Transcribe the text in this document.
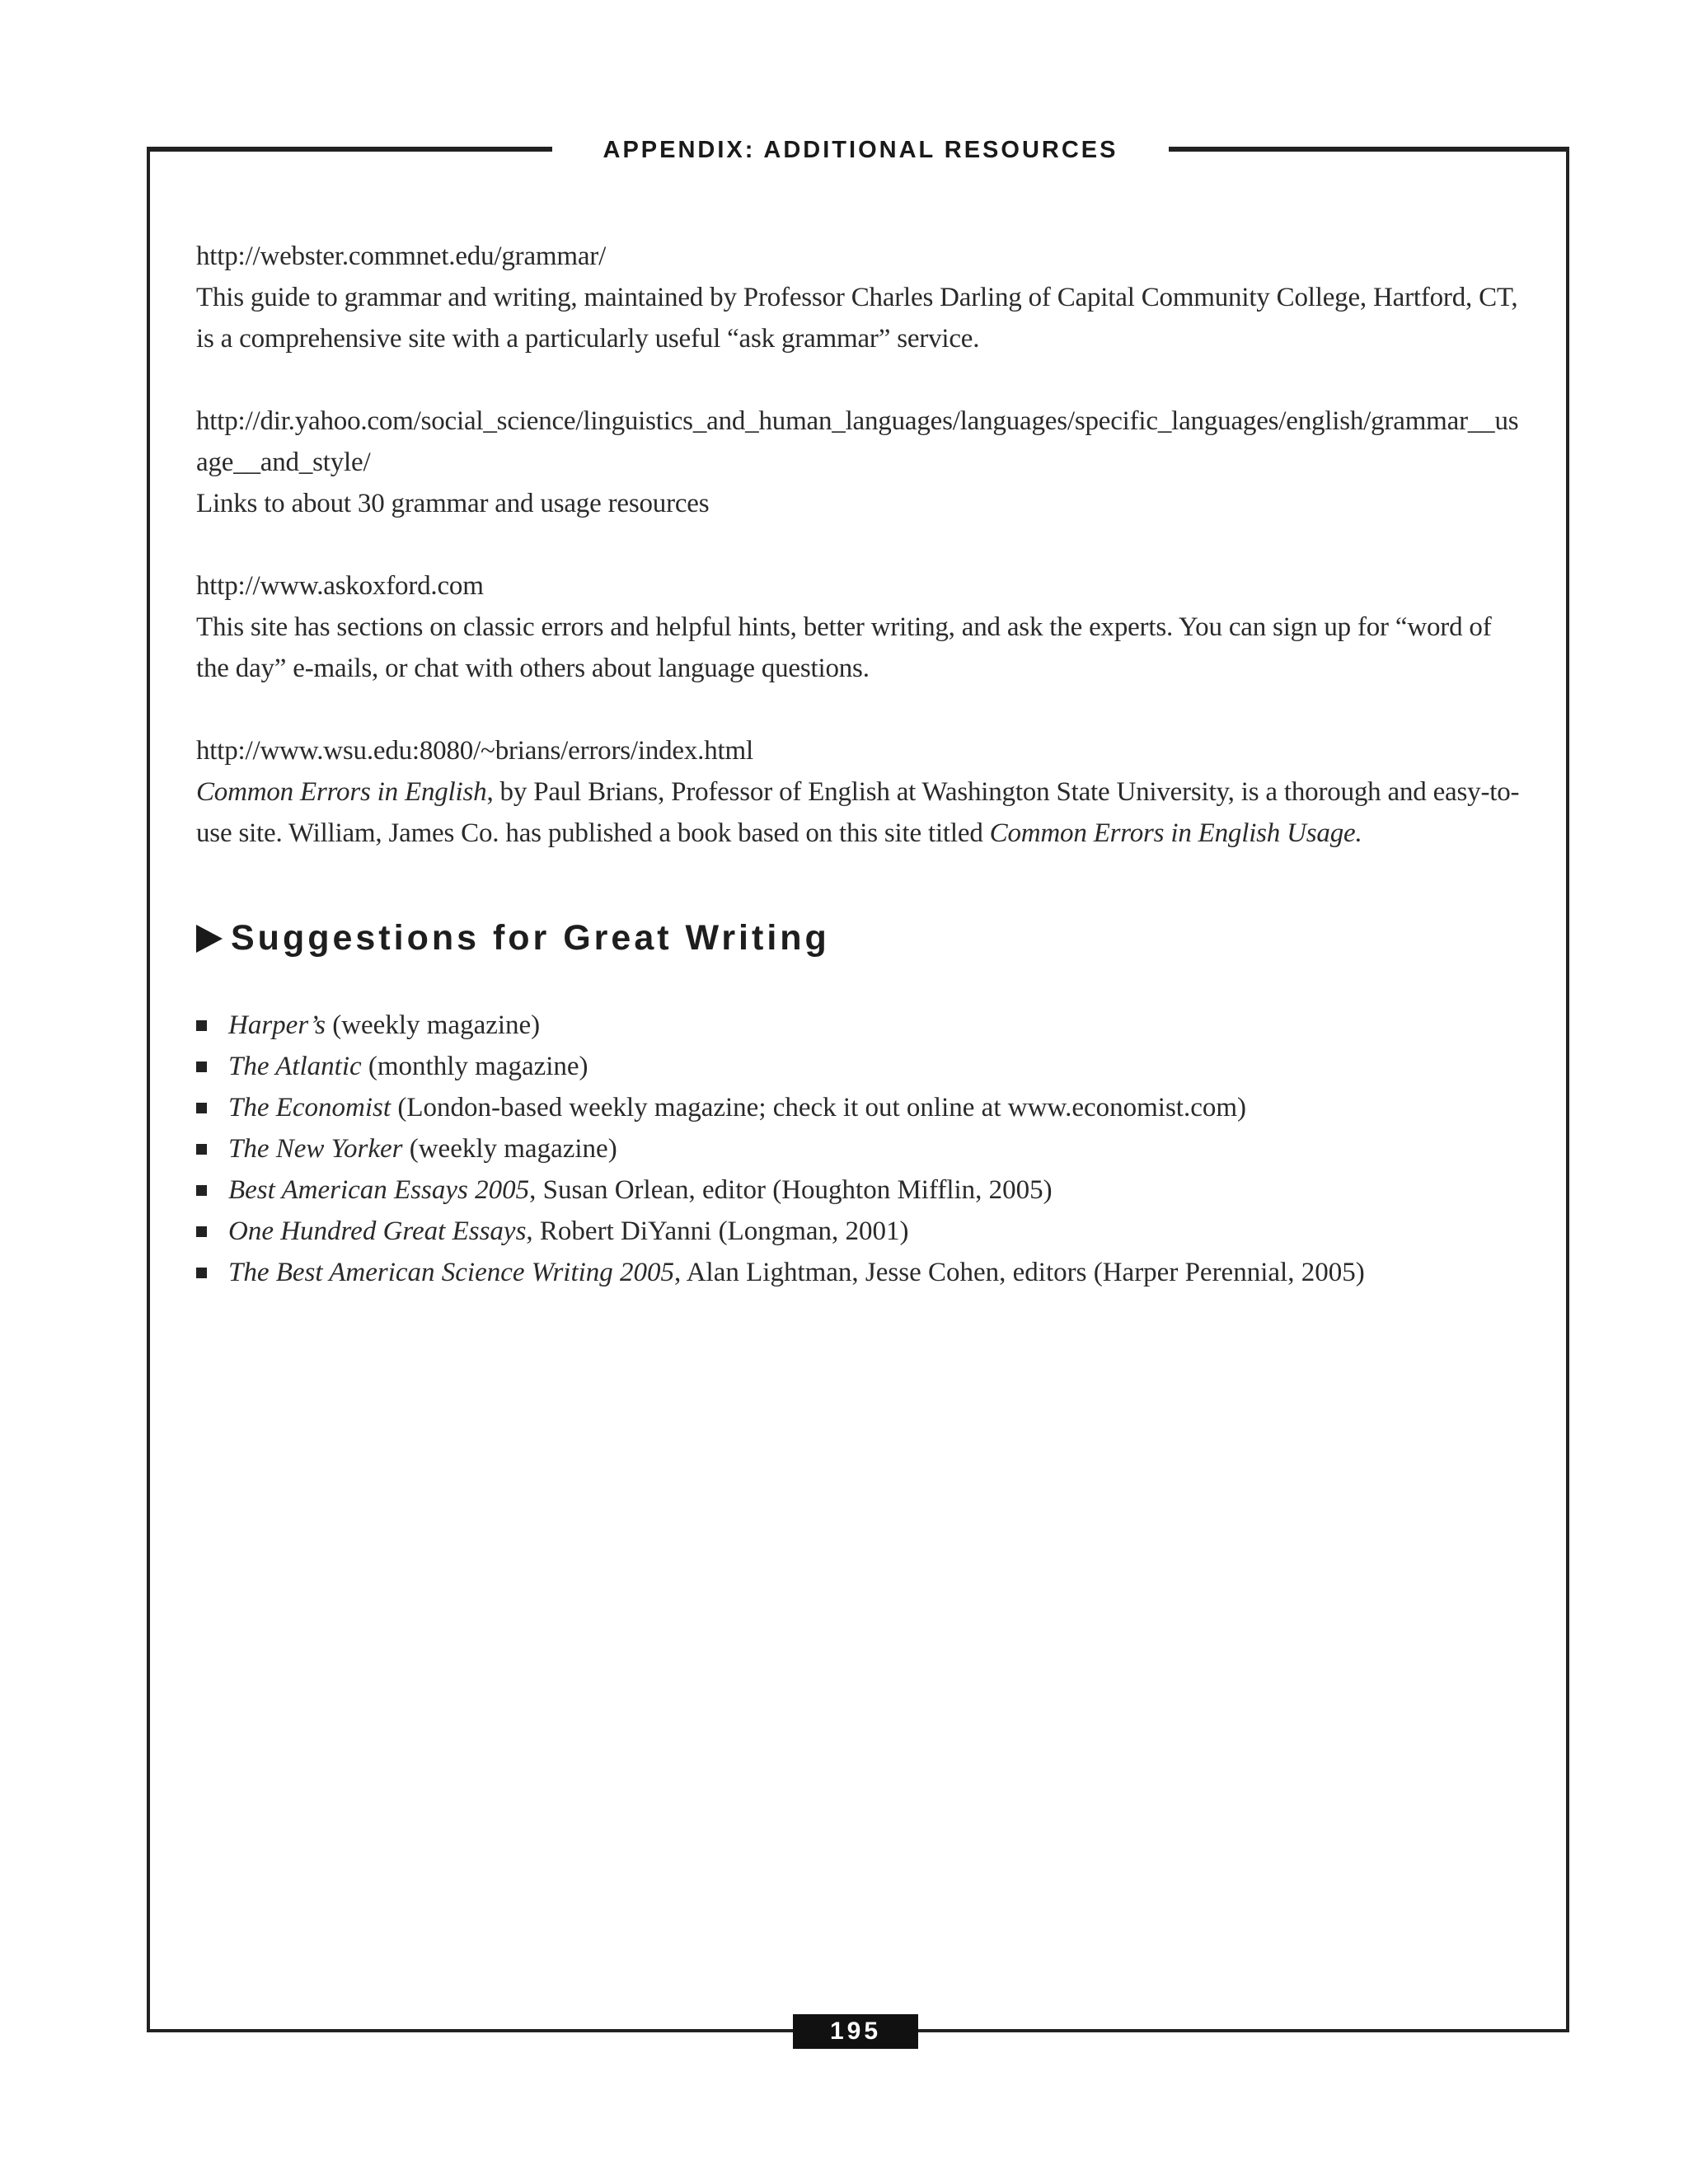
APPENDIX: ADDITIONAL RESOURCES

http://webster.commnet.edu/grammar/

This guide to grammar and writing, maintained by Professor Charles Darling of Capital Community College, Hartford, CT, is a comprehensive site with a particularly useful “ask grammar” service.

http://dir.yahoo.com/social_science/linguistics_and_human_languages/languages/specific_languages/english/grammar__usage__and_style/

Links to about 30 grammar and usage resources

http://www.askoxford.com

This site has sections on classic errors and helpful hints, better writing, and ask the experts. You can sign up for “word of the day” e-mails, or chat with others about language questions.

http://www.wsu.edu:8080/~brians/errors/index.html

Common Errors in English, by Paul Brians, Professor of English at Washington State University, is a thorough and easy-to-use site. William, James Co. has published a book based on this site titled Common Errors in English Usage.

Suggestions for Great Writing
Harper’s (weekly magazine)
The Atlantic (monthly magazine)
The Economist (London-based weekly magazine; check it out online at www.economist.com)
The New Yorker (weekly magazine)
Best American Essays 2005, Susan Orlean, editor (Houghton Mifflin, 2005)
One Hundred Great Essays, Robert DiYanni (Longman, 2001)
The Best American Science Writing 2005, Alan Lightman, Jesse Cohen, editors (Harper Perennial, 2005)
195
